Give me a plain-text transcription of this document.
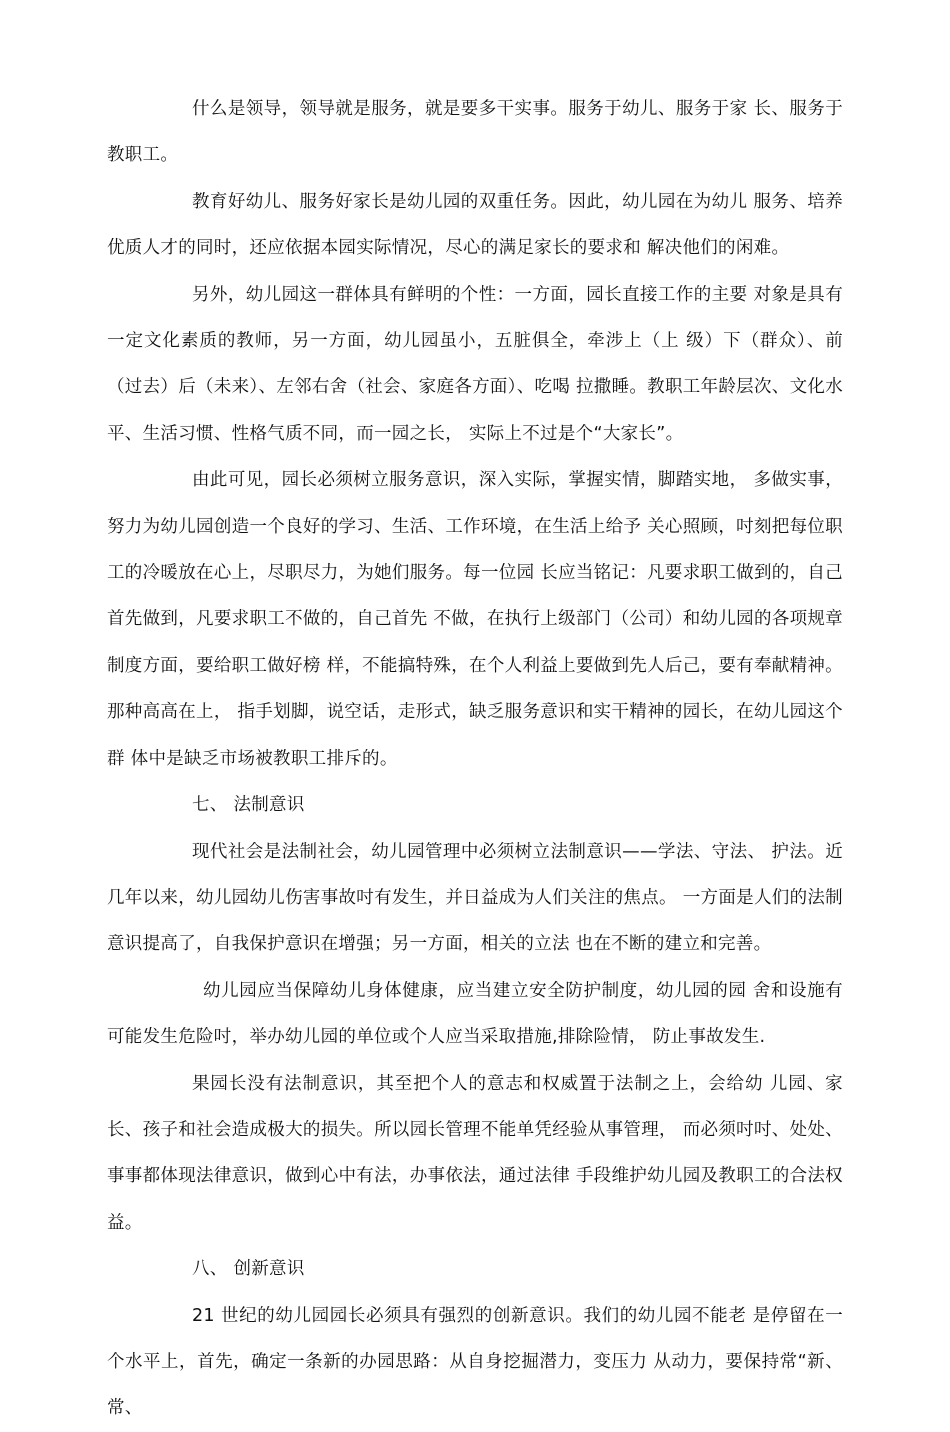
什么是领导，领导就是服务，就是要多干实事。服务于幼儿、服务于家 长、服务于教职工。

教育好幼儿、服务好家长是幼儿园的双重任务。因此，幼儿园在为幼儿 服务、培养优质人才的同时，还应依据本园实际情况，尽心的满足家长的要求和 解决他们的闲难。

另外，幼儿园这一群体具有鲜明的个性：一方面，园长直接工作的主要 对象是具有一定文化素质的教师，另一方面，幼儿园虽小，五脏俱全，牵涉上（上 级）下（群众）、前（过去）后（未来）、左邻右舍（社会、家庭各方面）、吃喝 拉撒睡。教职工年龄层次、文化水平、生活习惯、性格气质不同，而一园之长， 实际上不过是个“大家长”。

由此可见，园长必须树立服务意识，深入实际，掌握实情，脚踏实地， 多做实事，努力为幼儿园创造一个良好的学习、生活、工作环境，在生活上给予 关心照顾，吋刻把每位职工的冷暖放在心上，尽职尽力，为她们服务。每一位园 长应当铭记：凡要求职工做到的，自己首先做到，凡要求职工不做的，自己首先 不做，在执行上级部门（公司）和幼儿园的各项规章制度方面，要给职工做好榜 样，不能搞特殊，在个人利益上要做到先人后己，要有奉献精神。那种高高在上， 指手划脚，说空话，走形式，缺乏服务意识和实干精神的园长，在幼儿园这个群 体中是缺乏市场被教职工排斥的。

七、 法制意识

现代社会是法制社会，幼儿园管理中必须树立法制意识——学法、守法、 护法。近几年以来，幼儿园幼儿伤害事故吋有发生，并日益成为人们关注的焦点。 一方面是人们的法制意识提高了，自我保护意识在增强；另一方面，相关的立法 也在不断的建立和完善。

幼儿园应当保障幼儿身体健康，应当建立安全防护制度，幼儿园的园 舍和设施有可能发生危险吋，举办幼儿园的单位或个人应当采取措施,排除险情， 防止事故发生.

果园长没有法制意识，其至把个人的意志和权威置于法制之上，会给幼 儿园、家长、孩子和社会造成极大的损失。所以园长管理不能单凭经验从事管理， 而必须吋吋、处处、事事都体现法律意识，做到心中有法，办事依法，通过法律 手段维护幼儿园及教职工的合法权益。

八、 创新意识

21 世纪的幼儿园园长必须具有强烈的创新意识。我们的幼儿园不能老 是停留在一个水平上，首先，确定一条新的办园思路：从自身挖掘潜力，变压力 从动力，要保持常“新、常、
